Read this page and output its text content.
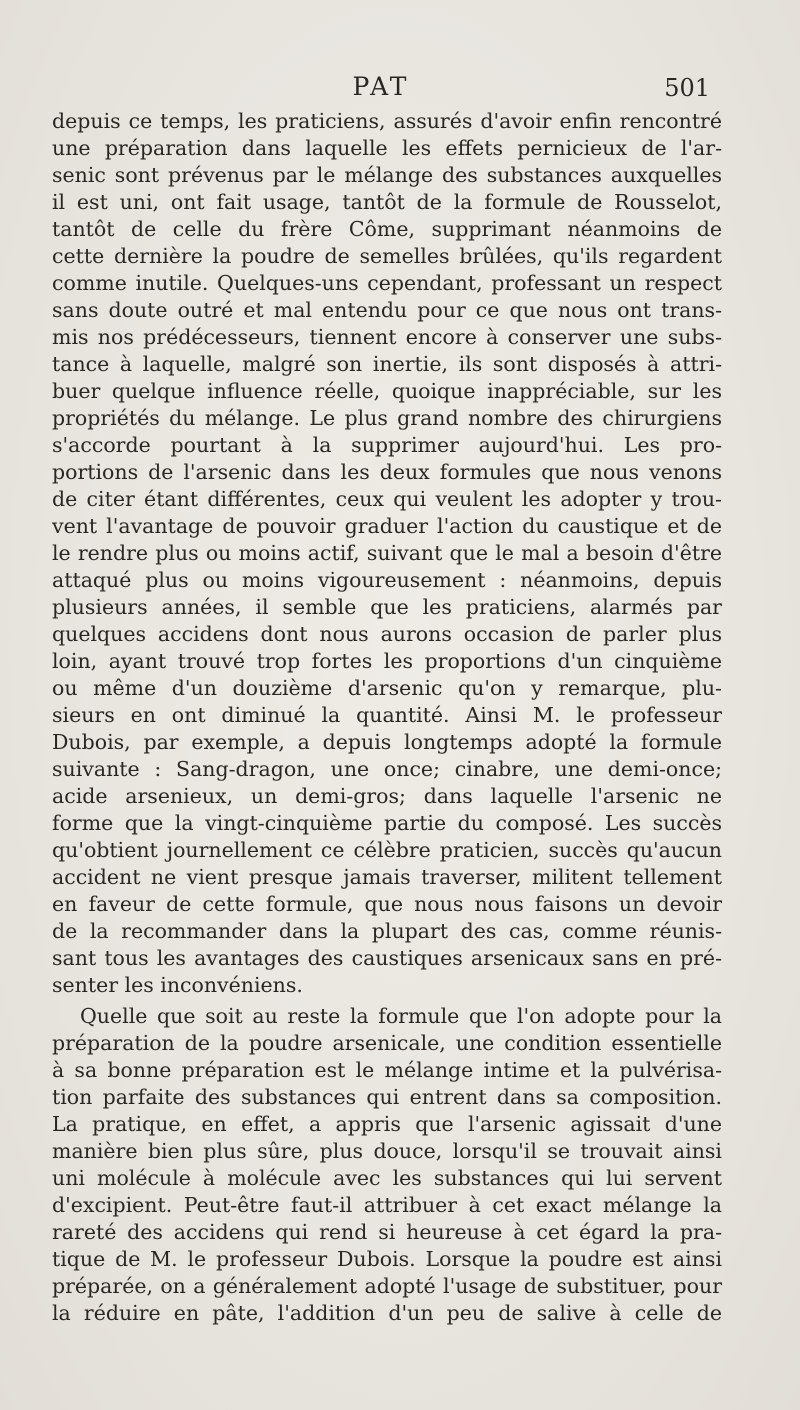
PAT	501
depuis ce temps, les praticiens, assurés d'avoir enfin rencontré
une préparation dans laquelle les effets pernicieux de l'ar-
senic sont prévenus par le mélange des substances auxquelles
il est uni, ont fait usage, tantôt de la formule de Rousselot,
tantôt de celle du frère Côme, supprimant néanmoins de
cette dernière la poudre de semelles brûlées, qu'ils regardent
comme inutile. Quelques-uns cependant, professant un respect
sans doute outré et mal entendu pour ce que nous ont trans-
mis nos prédécesseurs, tiennent encore à conserver une subs-
tance à laquelle, malgré son inertie, ils sont disposés à attri-
buer quelque influence réelle, quoique inappréciable, sur les
propriétés du mélange. Le plus grand nombre des chirurgiens
s'accorde pourtant à la supprimer aujourd'hui. Les pro-
portions de l'arsenic dans les deux formules que nous venons
de citer étant différentes, ceux qui veulent les adopter y trou-
vent l'avantage de pouvoir graduer l'action du caustique et de
le rendre plus ou moins actif, suivant que le mal a besoin d'être
attaqué plus ou moins vigoureusement : néanmoins, depuis
plusieurs années, il semble que les praticiens, alarmés par
quelques accidens dont nous aurons occasion de parler plus
loin, ayant trouvé trop fortes les proportions d'un cinquième
ou même d'un douzième d'arsenic qu'on y remarque, plu-
sieurs en ont diminué la quantité. Ainsi M. le professeur
Dubois, par exemple, a depuis longtemps adopté la formule
suivante : Sang-dragon, une once; cinabre, une demi-once;
acide arsenieux, un demi-gros; dans laquelle l'arsenic ne
forme que la vingt-cinquième partie du composé. Les succès
qu'obtient journellement ce célèbre praticien, succès qu'aucun
accident ne vient presque jamais traverser, militent tellement
en faveur de cette formule, que nous nous faisons un devoir
de la recommander dans la plupart des cas, comme réunis-
sant tous les avantages des caustiques arsenicaux sans en pré-
senter les inconvéniens.
Quelle que soit au reste la formule que l'on adopte pour la
préparation de la poudre arsenicale, une condition essentielle
à sa bonne préparation est le mélange intime et la pulvérisa-
tion parfaite des substances qui entrent dans sa composition.
La pratique, en effet, a appris que l'arsenic agissait d'une
manière bien plus sûre, plus douce, lorsqu'il se trouvait ainsi
uni molécule à molécule avec les substances qui lui servent
d'excipient. Peut-être faut-il attribuer à cet exact mélange la
rareté des accidens qui rend si heureuse à cet égard la pra-
tique de M. le professeur Dubois. Lorsque la poudre est ainsi
préparée, on a généralement adopté l'usage de substituer, pour
la réduire en pâte, l'addition d'un peu de salive à celle de
